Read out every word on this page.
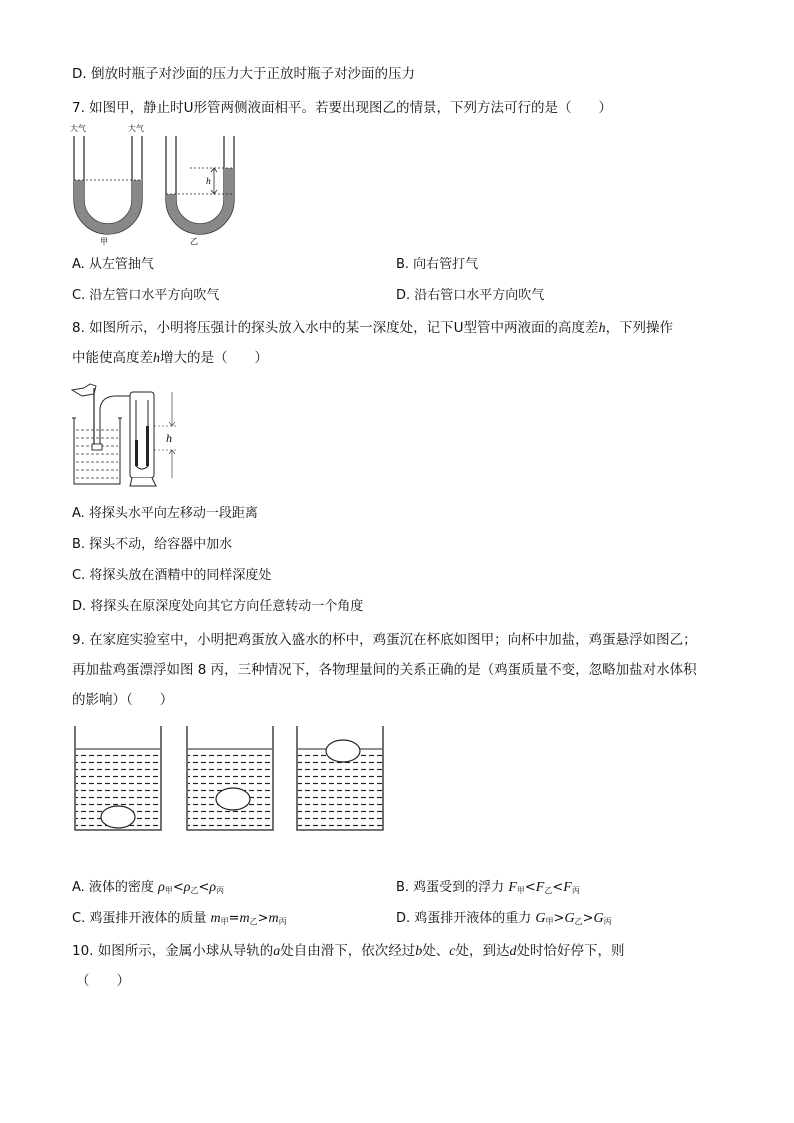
D. 倒放时瓶子对沙面的压力大于正放时瓶子对沙面的压力
7. 如图甲，静止时U形管两侧液面相平。若要出现图乙的情景，下列方法可行的是（　　）
大气	大气
h
甲	乙
A. 从左管抽气	B. 向右管打气
C. 沿左管口水平方向吹气	D. 沿右管口水平方向吹气
8. 如图所示，小明将压强计的探头放入水中的某一深度处，记下U型管中两液面的高度差h，下列操作
中能使高度差h增大的是（　　）
h
A. 将探头水平向左移动一段距离
B. 探头不动，给容器中加水
C. 将探头放在酒精中的同样深度处
D. 将探头在原深度处向其它方向任意转动一个角度
9. 在家庭实验室中，小明把鸡蛋放入盛水的杯中，鸡蛋沉在杯底如图甲；向杯中加盐，鸡蛋悬浮如图乙；
再加盐鸡蛋漂浮如图 8 丙，三种情况下，各物理量间的关系正确的是（鸡蛋质量不变，忽略加盐对水体积
的影响）（　　）
A. 液体的密度 $\rho_甲<\rho_乙<\rho_丙$	B. 鸡蛋受到的浮力 $F_甲<F_乙<F_丙$
C. 鸡蛋排开液体的质量 $m_甲=m_乙>m_丙$	D. 鸡蛋排开液体的重力 $G_甲>G_乙>G_丙$
10. 如图所示，金属小球从导轨的a处自由滑下，依次经过b处、c处，到达d处时恰好停下，则
（　　）
